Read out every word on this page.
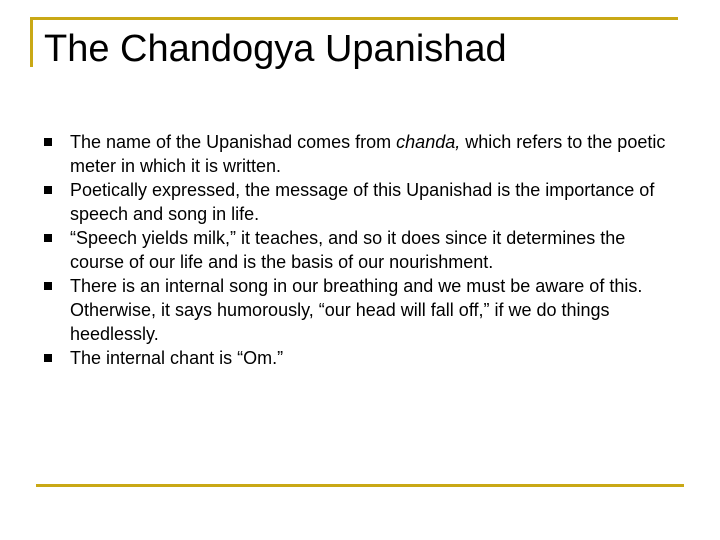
The Chandogya Upanishad
The name of the Upanishad comes from chanda, which refers to the poetic meter in which it is written.
Poetically expressed, the message of this Upanishad is the importance of speech and song in life.
“Speech yields milk,” it teaches, and so it does since it determines the course of our life and is the basis of our nourishment.
There is an internal song in our breathing and we must be aware of this. Otherwise, it says humorously, “our head will fall off,” if we do things heedlessly.
The internal chant is “Om.”
